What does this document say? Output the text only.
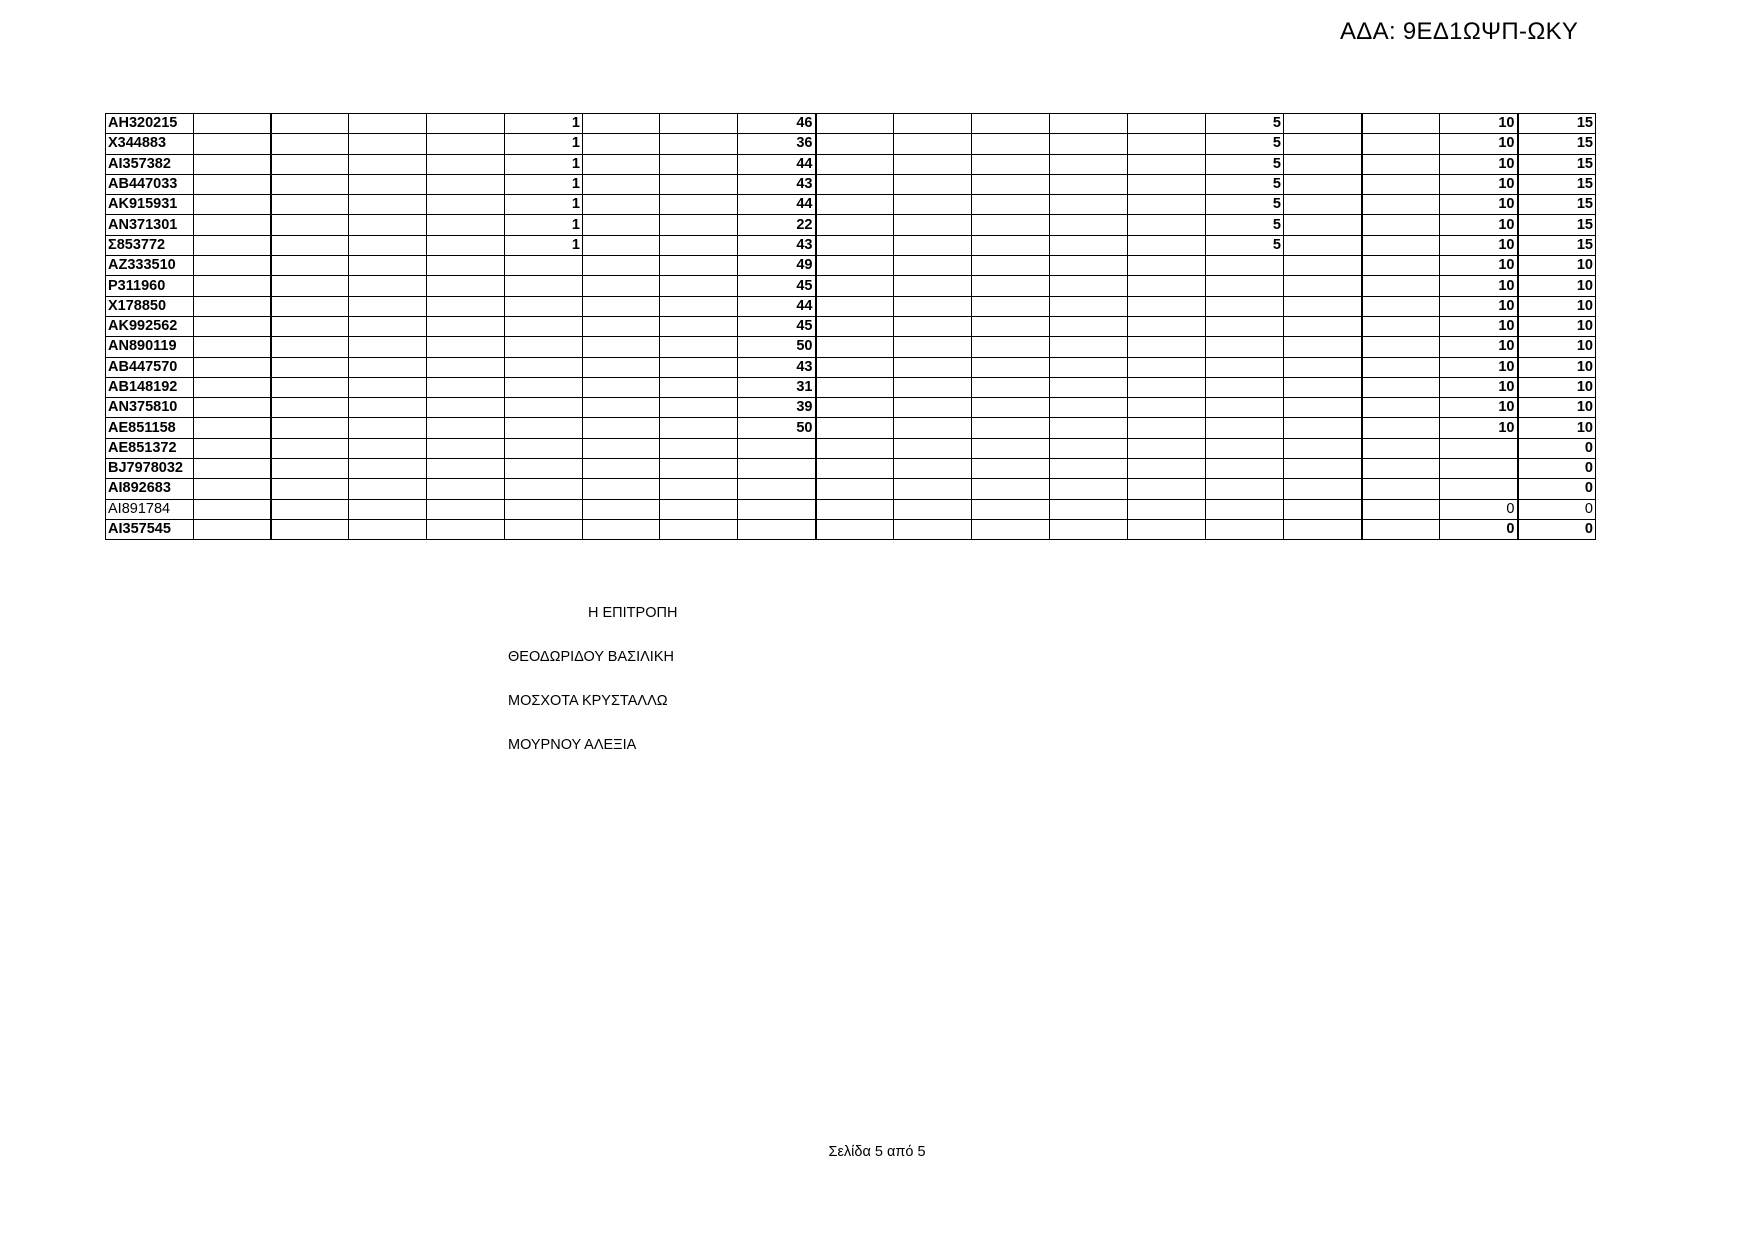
ΑΔΑ: 9ΕΔ1ΩΨΠ-ΩΚΥ
AH320215					1			46						5			10	15
X344883					1			36						5			10	15
AI357382					1			44						5			10	15
AB447033					1			43						5			10	15
AK915931					1			44						5			10	15
AN371301					1			22						5			10	15
Σ853772					1			43						5			10	15
AZ333510								49									10	10
P311960								45									10	10
X178850								44									10	10
AK992562								45									10	10
AN890119								50									10	10
AB447570								43									10	10
AB148192								31									10	10
AN375810								39									10	10
AE851158								50									10	10
AE851372																		0
BJ7978032																		0
AI892683																		0
AI891784																	0	0
AI357545																	0	0
Η ΕΠΙΤΡΟΠΗ
ΘΕΟΔΩΡΙΔΟΥ ΒΑΣΙΛΙΚΗ
ΜΟΣΧΟΤΑ ΚΡΥΣΤΑΛΛΩ
ΜΟΥΡΝΟΥ ΑΛΕΞΙΑ
Σελίδα 5 από 5
